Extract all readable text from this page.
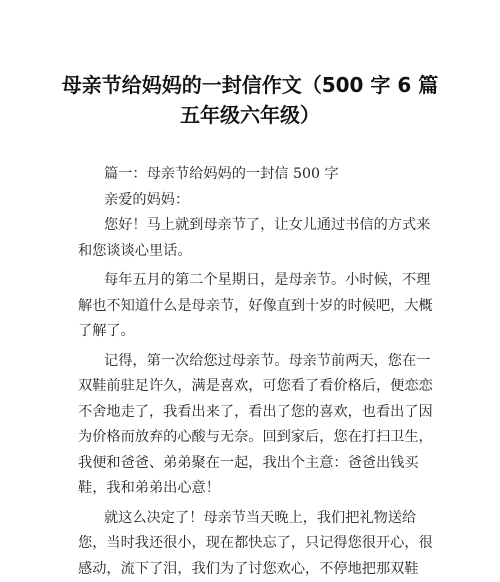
母亲节给妈妈的一封信作文（500 字 6 篇
五年级六年级）
篇一：母亲节给妈妈的一封信 500 字
亲爱的妈妈：
您好！马上就到母亲节了，让女儿通过书信的方式来
和您谈谈心里话。
每年五月的第二个星期日，是母亲节。小时候，不理
解也不知道什么是母亲节，好像直到十岁的时候吧，大概
了解了。
记得，第一次给您过母亲节。母亲节前两天，您在一
双鞋前驻足许久，满是喜欢，可您看了看价格后，便恋恋
不舍地走了，我看出来了，看出了您的喜欢，也看出了因
为价格而放弃的心酸与无奈。回到家后，您在打扫卫生，
我便和爸爸、弟弟聚在一起，我出个主意：爸爸出钱买
鞋，我和弟弟出心意！
就这么决定了！母亲节当天晚上，我们把礼物送给
您，当时我还很小，现在都快忘了，只记得您很开心，很
感动，流下了泪，我们为了讨您欢心，不停地把那双鞋
